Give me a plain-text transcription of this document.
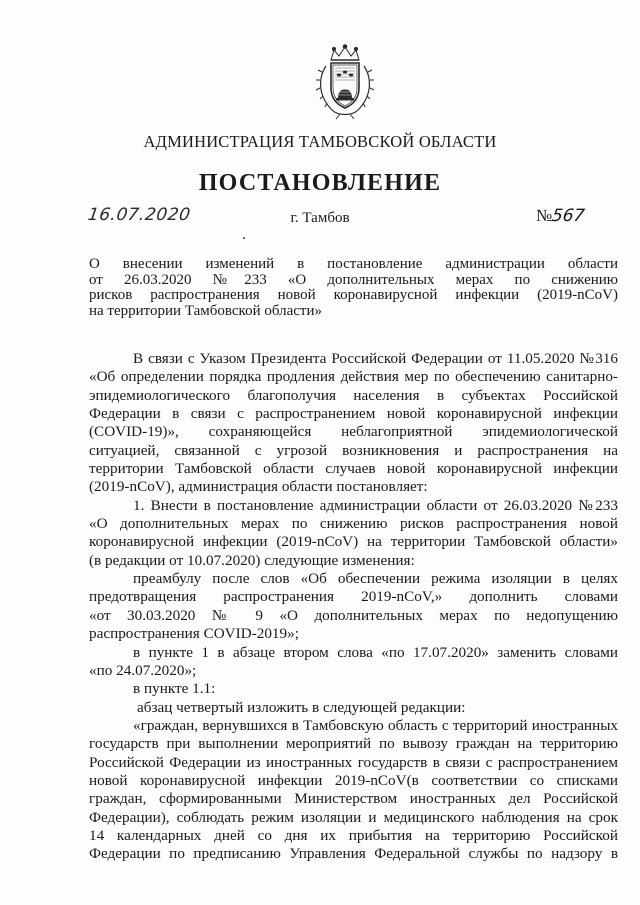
АДМИНИСТРАЦИЯ ТАМБОВСКОЙ ОБЛАСТИ
ПОСТАНОВЛЕНИЕ
16.07.2020	г. Тамбов	№567
О внесении изменений в постановление администрации области
от 26.03.2020 №233 «О дополнительных мерах по снижению
рисков распространения новой коронавирусной инфекции (2019-nCoV)
на территории Тамбовской области»
В связи с Указом Президента Российской Федерации от 11.05.2020 №316
«Об определении порядка продления действия мер по обеспечению санитарно-
эпидемиологического благополучия населения в субъектах Российской
Федерации в связи с распространением новой коронавирусной инфекции
(COVID-19)», сохраняющейся неблагоприятной эпидемиологической
ситуацией, связанной с угрозой возникновения и распространения на
территории Тамбовской области случаев новой коронавирусной инфекции
(2019-nCoV), администрация области постановляет:
1. Внести в постановление администрации области от 26.03.2020 №233
«О дополнительных мерах по снижению рисков распространения новой
коронавирусной инфекции (2019-nCoV) на территории Тамбовской области»
(в редакции от 10.07.2020) следующие изменения:
преамбулу после слов «Об обеспечении режима изоляции в целях
предотвращения распространения 2019-nCoV,» дополнить словами
«от 30.03.2020 № 9 «О дополнительных мерах по недопущению
распространения COVID-2019»;
в пункте 1 в абзаце втором слова «по 17.07.2020» заменить словами
«по 24.07.2020»;
в пункте 1.1:
абзац четвертый изложить в следующей редакции:
«граждан, вернувшихся в Тамбовскую область с территорий иностранных
государств при выполнении мероприятий по вывозу граждан на территорию
Российской Федерации из иностранных государств в связи с распространением
новой коронавирусной инфекции 2019-nCoV(в соответствии со списками
граждан, сформированными Министерством иностранных дел Российской
Федерации), соблюдать режим изоляции и медицинского наблюдения на срок
14 календарных дней со дня их прибытия на территорию Российской
Федерации по предписанию Управления Федеральной службы по надзору в
